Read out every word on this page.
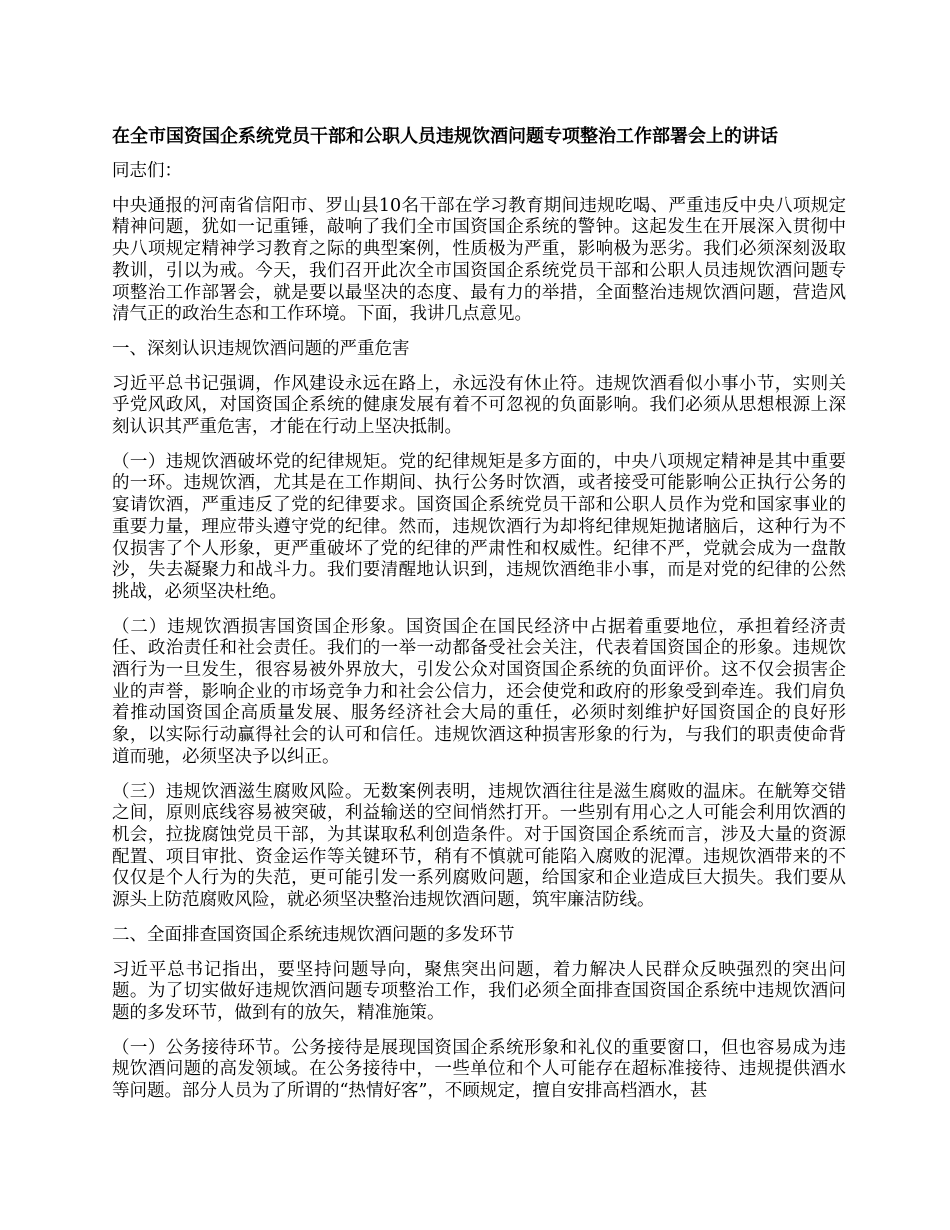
在全市国资国企系统党员干部和公职人员违规饮酒问题专项整治工作部署会上的讲话
同志们：
中央通报的河南省信阳市、罗山县10名干部在学习教育期间违规吃喝、严重违反中央八项规定精神问题，犹如一记重锤，敲响了我们全市国资国企系统的警钟。这起发生在开展深入贯彻中央八项规定精神学习教育之际的典型案例，性质极为严重，影响极为恶劣。我们必须深刻汲取教训，引以为戒。今天，我们召开此次全市国资国企系统党员干部和公职人员违规饮酒问题专项整治工作部署会，就是要以最坚决的态度、最有力的举措，全面整治违规饮酒问题，营造风清气正的政治生态和工作环境。下面，我讲几点意见。
一、深刻认识违规饮酒问题的严重危害
习近平总书记强调，作风建设永远在路上，永远没有休止符。违规饮酒看似小事小节，实则关乎党风政风，对国资国企系统的健康发展有着不可忽视的负面影响。我们必须从思想根源上深刻认识其严重危害，才能在行动上坚决抵制。
（一）违规饮酒破坏党的纪律规矩。党的纪律规矩是多方面的，中央八项规定精神是其中重要的一环。违规饮酒，尤其是在工作期间、执行公务时饮酒，或者接受可能影响公正执行公务的宴请饮酒，严重违反了党的纪律要求。国资国企系统党员干部和公职人员作为党和国家事业的重要力量，理应带头遵守党的纪律。然而，违规饮酒行为却将纪律规矩抛诸脑后，这种行为不仅损害了个人形象，更严重破坏了党的纪律的严肃性和权威性。纪律不严，党就会成为一盘散沙，失去凝聚力和战斗力。我们要清醒地认识到，违规饮酒绝非小事，而是对党的纪律的公然挑战，必须坚决杜绝。
（二）违规饮酒损害国资国企形象。国资国企在国民经济中占据着重要地位，承担着经济责任、政治责任和社会责任。我们的一举一动都备受社会关注，代表着国资国企的形象。违规饮酒行为一旦发生，很容易被外界放大，引发公众对国资国企系统的负面评价。这不仅会损害企业的声誉，影响企业的市场竞争力和社会公信力，还会使党和政府的形象受到牵连。我们肩负着推动国资国企高质量发展、服务经济社会大局的重任，必须时刻维护好国资国企的良好形象，以实际行动赢得社会的认可和信任。违规饮酒这种损害形象的行为，与我们的职责使命背道而驰，必须坚决予以纠正。
（三）违规饮酒滋生腐败风险。无数案例表明，违规饮酒往往是滋生腐败的温床。在觥筹交错之间，原则底线容易被突破，利益输送的空间悄然打开。一些别有用心之人可能会利用饮酒的机会，拉拢腐蚀党员干部，为其谋取私利创造条件。对于国资国企系统而言，涉及大量的资源配置、项目审批、资金运作等关键环节，稍有不慎就可能陷入腐败的泥潭。违规饮酒带来的不仅仅是个人行为的失范，更可能引发一系列腐败问题，给国家和企业造成巨大损失。我们要从源头上防范腐败风险，就必须坚决整治违规饮酒问题，筑牢廉洁防线。
二、全面排查国资国企系统违规饮酒问题的多发环节
习近平总书记指出，要坚持问题导向，聚焦突出问题，着力解决人民群众反映强烈的突出问题。为了切实做好违规饮酒问题专项整治工作，我们必须全面排查国资国企系统中违规饮酒问题的多发环节，做到有的放矢，精准施策。
（一）公务接待环节。公务接待是展现国资国企系统形象和礼仪的重要窗口，但也容易成为违规饮酒问题的高发领域。在公务接待中，一些单位和个人可能存在超标准接待、违规提供酒水等问题。部分人员为了所谓的“热情好客”，不顾规定，擅自安排高档酒水，甚
